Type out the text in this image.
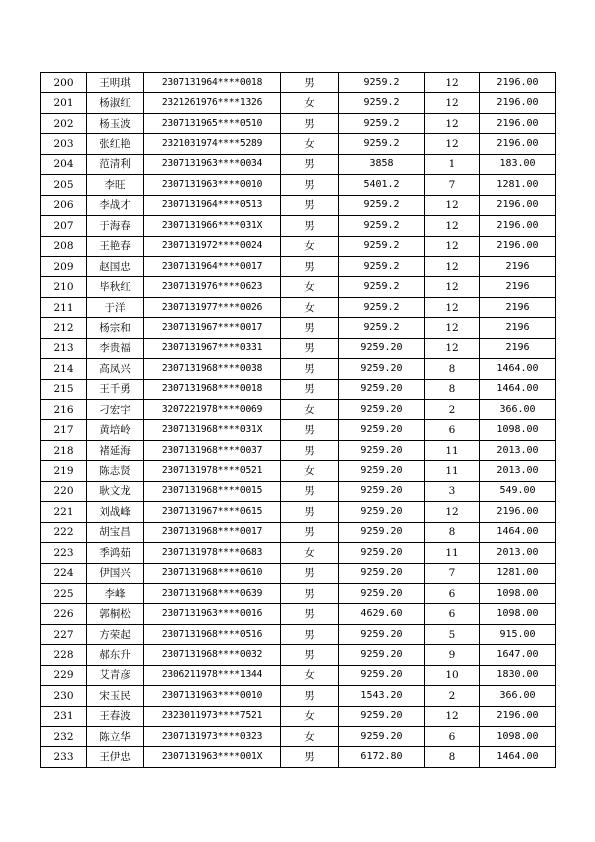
200	王明琪	2307131964****0018	男	9259.2	12	2196.00
201	杨淑红	2321261976****1326	女	9259.2	12	2196.00
202	杨玉波	2307131965****0510	男	9259.2	12	2196.00
203	张红艳	2321031974****5289	女	9259.2	12	2196.00
204	范清利	2307131963****0034	男	3858	1	183.00
205	李旺	2307131963****0010	男	5401.2	7	1281.00
206	李战才	2307131964****0513	男	9259.2	12	2196.00
207	于海春	2307131966****031X	男	9259.2	12	2196.00
208	王艳春	2307131972****0024	女	9259.2	12	2196.00
209	赵国忠	2307131964****0017	男	9259.2	12	2196
210	毕秋红	2307131976****0623	女	9259.2	12	2196
211	于洋	2307131977****0026	女	9259.2	12	2196
212	杨宗和	2307131967****0017	男	9259.2	12	2196
213	李贵福	2307131967****0331	男	9259.20	12	2196
214	高凤兴	2307131968****0038	男	9259.20	8	1464.00
215	王千勇	2307131968****0018	男	9259.20	8	1464.00
216	刁宏宇	3207221978****0069	女	9259.20	2	366.00
217	黄培岭	2307131968****031X	男	9259.20	6	1098.00
218	褚延海	2307131968****0037	男	9259.20	11	2013.00
219	陈志贤	2307131978****0521	女	9259.20	11	2013.00
220	耿文龙	2307131968****0015	男	9259.20	3	549.00
221	刘战峰	2307131967****0615	男	9259.20	12	2196.00
222	胡宝昌	2307131968****0017	男	9259.20	8	1464.00
223	季鸿茹	2307131978****0683	女	9259.20	11	2013.00
224	伊国兴	2307131968****0610	男	9259.20	7	1281.00
225	李峰	2307131968****0639	男	9259.20	6	1098.00
226	郭桐松	2307131963****0016	男	4629.60	6	1098.00
227	方荣起	2307131968****0516	男	9259.20	5	915.00
228	郝东升	2307131968****0032	男	9259.20	9	1647.00
229	艾青彦	2306211978****1344	女	9259.20	10	1830.00
230	宋玉民	2307131963****0010	男	1543.20	2	366.00
231	王春波	2323011973****7521	女	9259.20	12	2196.00
232	陈立华	2307131973****0323	女	9259.20	6	1098.00
233	王伊忠	2307131963****001X	男	6172.80	8	1464.00
